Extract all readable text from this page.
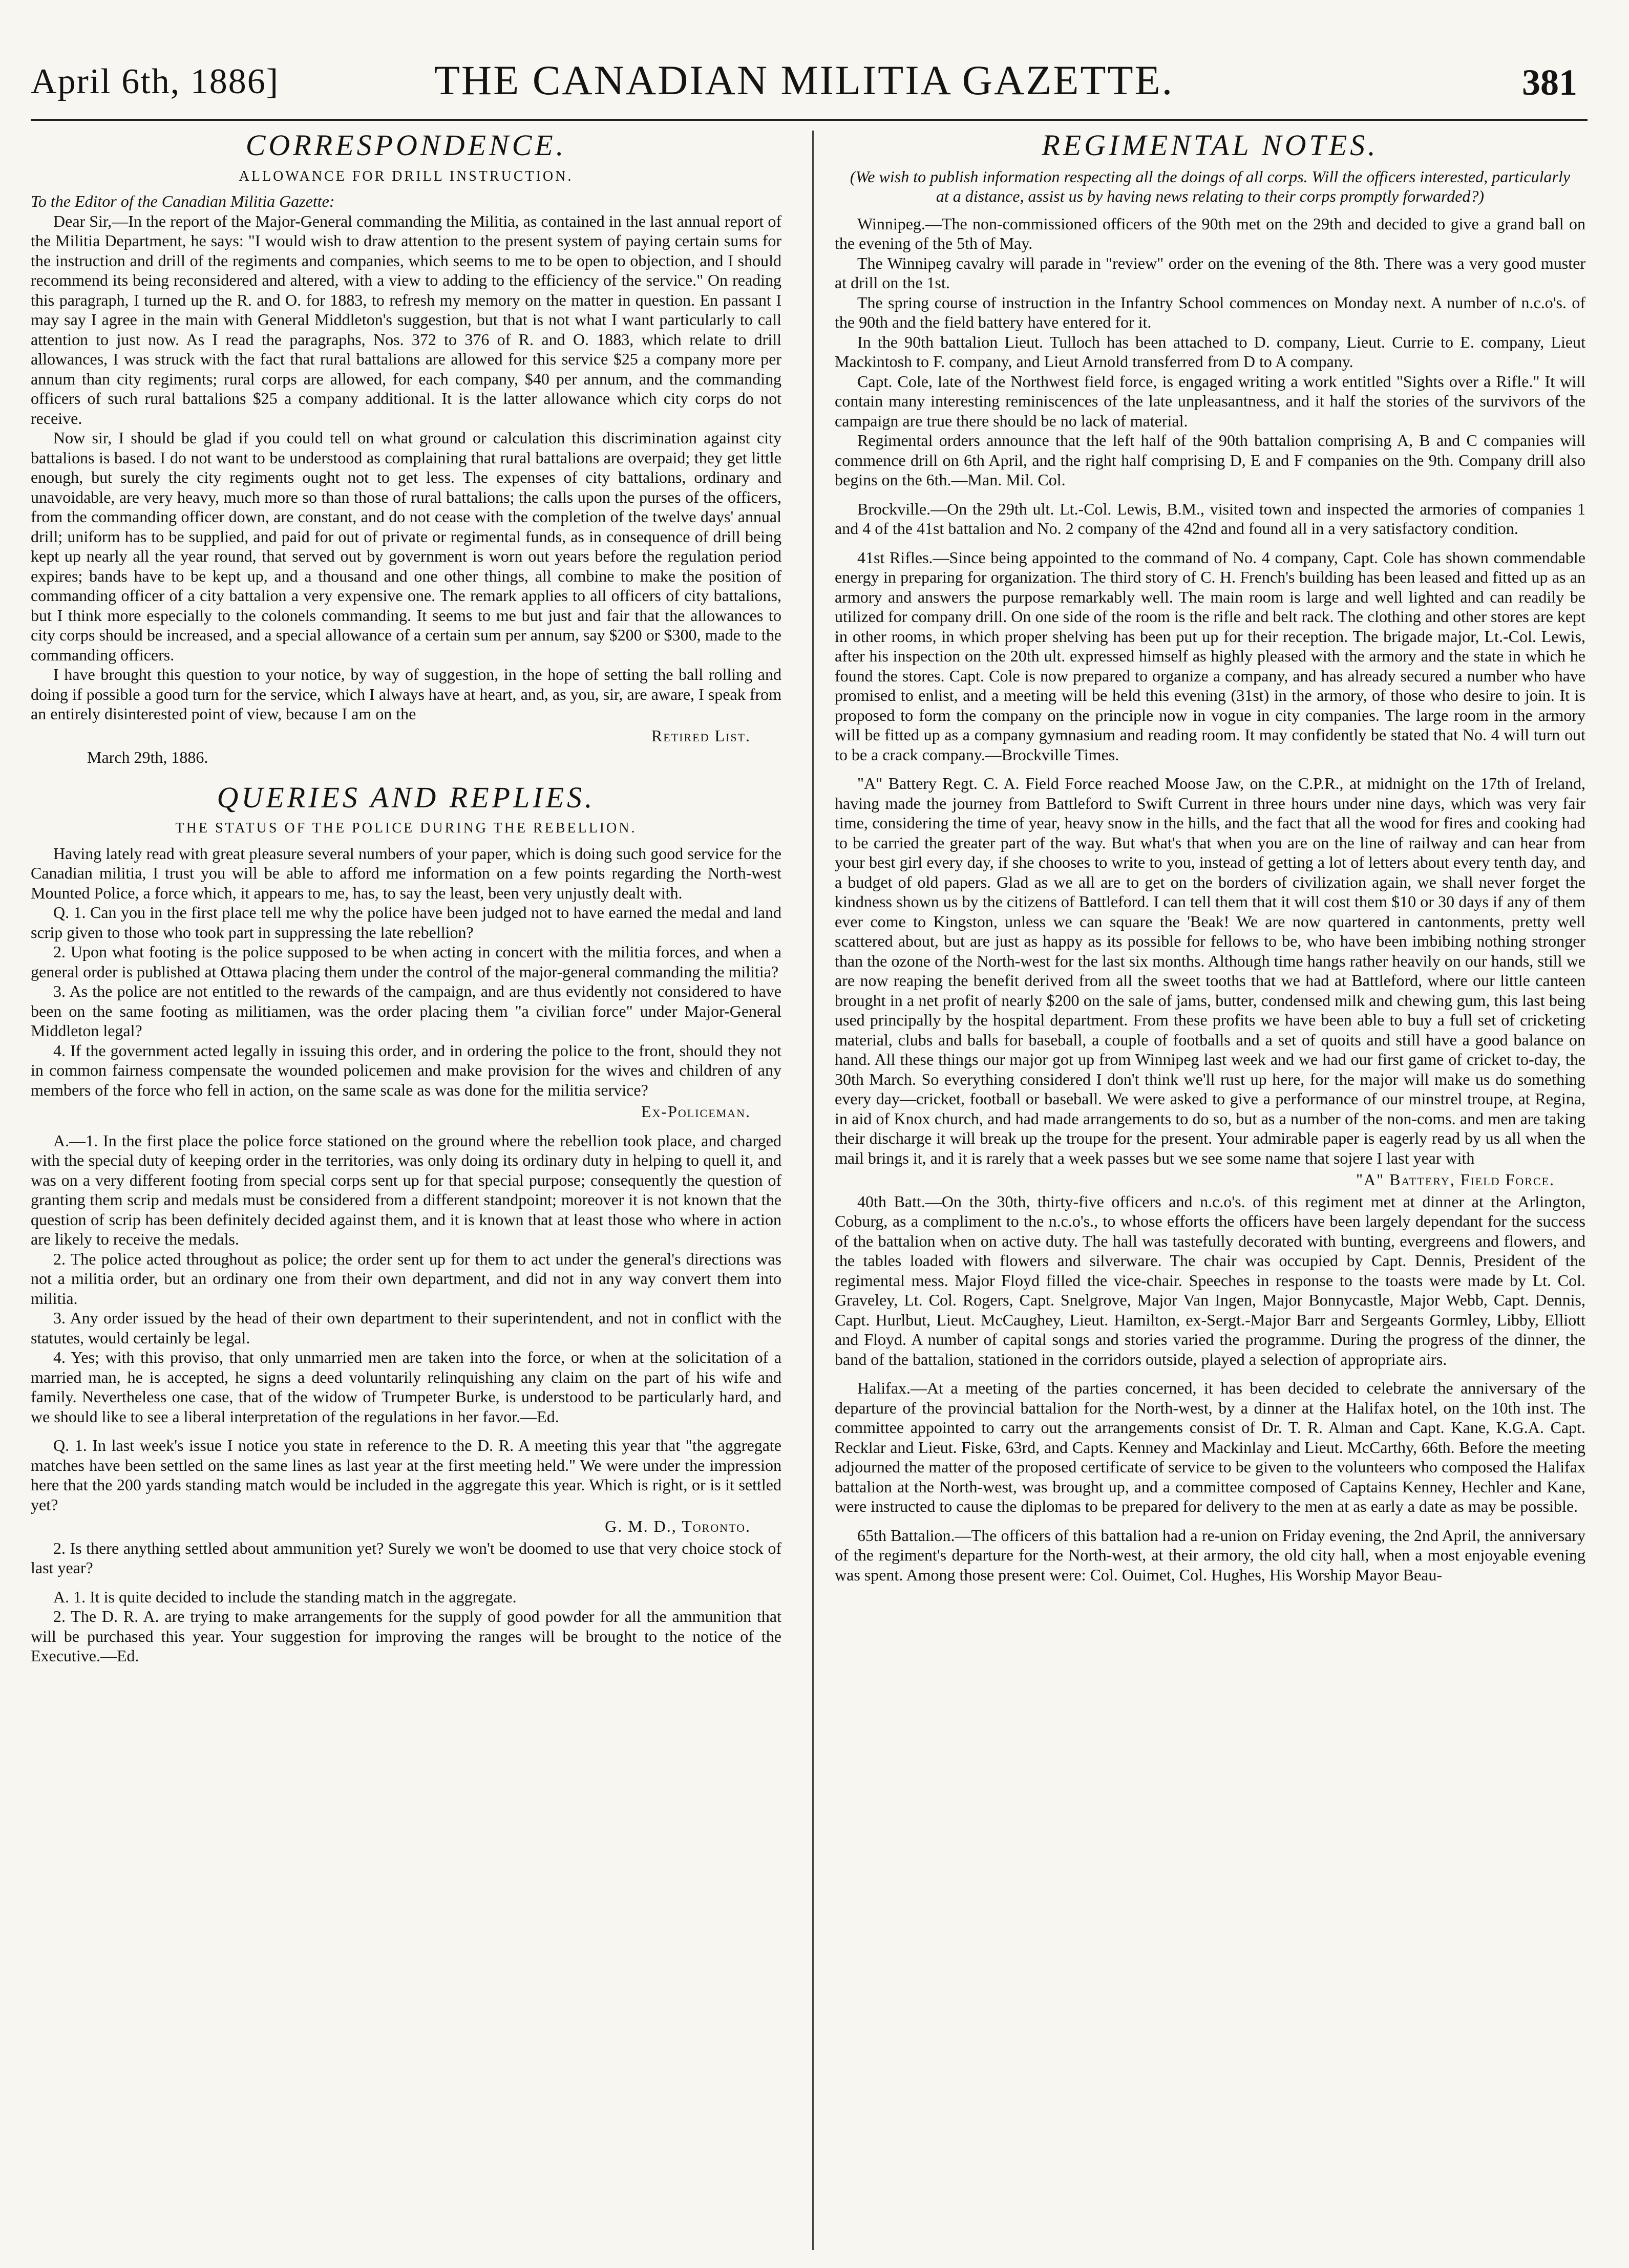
April 6th, 1886]	THE CANADIAN MILITIA GAZETTE.	381
CORRESPONDENCE.
ALLOWANCE FOR DRILL INSTRUCTION.

To the Editor of the Canadian Militia Gazette:

Dear Sir,—In the report of the Major-General commanding the Militia, as contained in the last annual report of the Militia Department, he says: "I would wish to draw attention to the present system of paying certain sums for the instruction and drill of the regiments and companies, which seems to me to be open to objection, and I should recommend its being reconsidered and altered, with a view to adding to the efficiency of the service." On reading this paragraph, I turned up the R. and O. for 1883, to refresh my memory on the matter in question. En passant I may say I agree in the main with General Middleton's suggestion, but that is not what I want particularly to call attention to just now. As I read the paragraphs, Nos. 372 to 376 of R. and O. 1883, which relate to drill allowances, I was struck with the fact that rural battalions are allowed for this service $25 a company more per annum than city regiments; rural corps are allowed, for each company, $40 per annum, and the commanding officers of such rural battalions $25 a company additional. It is the latter allowance which city corps do not receive.

Now sir, I should be glad if you could tell on what ground or calculation this discrimination against city battalions is based. I do not want to be understood as complaining that rural battalions are overpaid; they get little enough, but surely the city regiments ought not to get less. The expenses of city battalions, ordinary and unavoidable, are very heavy, much more so than those of rural battalions; the calls upon the purses of the officers, from the commanding officer down, are constant, and do not cease with the completion of the twelve days' annual drill; uniform has to be supplied, and paid for out of private or regimental funds, as in consequence of drill being kept up nearly all the year round, that served out by government is worn out years before the regulation period expires; bands have to be kept up, and a thousand and one other things, all combine to make the position of commanding officer of a city battalion a very expensive one. The remark applies to all officers of city battalions, but I think more especially to the colonels commanding. It seems to me but just and fair that the allowances to city corps should be increased, and a special allowance of a certain sum per annum, say $200 or $300, made to the commanding officers.

I have brought this question to your notice, by way of suggestion, in the hope of setting the ball rolling and doing if possible a good turn for the service, which I always have at heart, and, as you, sir, are aware, I speak from an entirely disinterested point of view, because I am on the

Retired List.

March 29th, 1886.

QUERIES AND REPLIES.
THE STATUS OF THE POLICE DURING THE REBELLION.

Having lately read with great pleasure several numbers of your paper, which is doing such good service for the Canadian militia, I trust you will be able to afford me information on a few points regarding the North-west Mounted Police, a force which, it appears to me, has, to say the least, been very unjustly dealt with.

Q. 1. Can you in the first place tell me why the police have been judged not to have earned the medal and land scrip given to those who took part in suppressing the late rebellion?

2. Upon what footing is the police supposed to be when acting in concert with the militia forces, and when a general order is published at Ottawa placing them under the control of the major-general commanding the militia?

3. As the police are not entitled to the rewards of the campaign, and are thus evidently not considered to have been on the same footing as militiamen, was the order placing them "a civilian force" under Major-General Middleton legal?

4. If the government acted legally in issuing this order, and in ordering the police to the front, should they not in common fairness compensate the wounded policemen and make provision for the wives and children of any members of the force who fell in action, on the same scale as was done for the militia service?

Ex-Policeman.

A.—1. In the first place the police force stationed on the ground where the rebellion took place, and charged with the special duty of keeping order in the territories, was only doing its ordinary duty in helping to quell it, and was on a very different footing from special corps sent up for that special purpose; consequently the question of granting them scrip and medals must be considered from a different standpoint; moreover it is not known that the question of scrip has been definitely decided against them, and it is known that at least those who where in action are likely to receive the medals.

2. The police acted throughout as police; the order sent up for them to act under the general's directions was not a militia order, but an ordinary one from their own department, and did not in any way convert them into militia.

3. Any order issued by the head of their own department to their superintendent, and not in conflict with the statutes, would certainly be legal.

4. Yes; with this proviso, that only unmarried men are taken into the force, or when at the solicitation of a married man, he is accepted, he signs a deed voluntarily relinquishing any claim on the part of his wife and family. Nevertheless one case, that of the widow of Trumpeter Burke, is understood to be particularly hard, and we should like to see a liberal interpretation of the regulations in her favor.—Ed.

Q. 1. In last week's issue I notice you state in reference to the D. R. A meeting this year that "the aggregate matches have been settled on the same lines as last year at the first meeting held." We were under the impression here that the 200 yards standing match would be included in the aggregate this year. Which is right, or is it settled yet?

G. M. D., Toronto.

2. Is there anything settled about ammunition yet? Surely we won't be doomed to use that very choice stock of last year?

A. 1. It is quite decided to include the standing match in the aggregate.

2. The D. R. A. are trying to make arrangements for the supply of good powder for all the ammunition that will be purchased this year. Your suggestion for improving the ranges will be brought to the notice of the Executive.—Ed.

REGIMENTAL NOTES.
(We wish to publish information respecting all the doings of all corps. Will the officers interested, particularly at a distance, assist us by having news relating to their corps promptly forwarded?)

Winnipeg.—The non-commissioned officers of the 90th met on the 29th and decided to give a grand ball on the evening of the 5th of May.

The Winnipeg cavalry will parade in "review" order on the evening of the 8th. There was a very good muster at drill on the 1st.

The spring course of instruction in the Infantry School commences on Monday next. A number of n.c.o's. of the 90th and the field battery have entered for it.

In the 90th battalion Lieut. Tulloch has been attached to D. company, Lieut. Currie to E. company, Lieut Mackintosh to F. company, and Lieut Arnold transferred from D to A company.

Capt. Cole, late of the Northwest field force, is engaged writing a work entitled "Sights over a Rifle." It will contain many interesting reminiscences of the late unpleasantness, and it half the stories of the survivors of the campaign are true there should be no lack of material.

Regimental orders announce that the left half of the 90th battalion comprising A, B and C companies will commence drill on 6th April, and the right half comprising D, E and F companies on the 9th. Company drill also begins on the 6th.—Man. Mil. Col.

Brockville.—On the 29th ult. Lt.-Col. Lewis, B.M., visited town and inspected the armories of companies 1 and 4 of the 41st battalion and No. 2 company of the 42nd and found all in a very satisfactory condition.

41st Rifles.—Since being appointed to the command of No. 4 company, Capt. Cole has shown commendable energy in preparing for organization. The third story of C. H. French's building has been leased and fitted up as an armory and answers the purpose remarkably well. The main room is large and well lighted and can readily be utilized for company drill. On one side of the room is the rifle and belt rack. The clothing and other stores are kept in other rooms, in which proper shelving has been put up for their reception. The brigade major, Lt.-Col. Lewis, after his inspection on the 20th ult. expressed himself as highly pleased with the armory and the state in which he found the stores. Capt. Cole is now prepared to organize a company, and has already secured a number who have promised to enlist, and a meeting will be held this evening (31st) in the armory, of those who desire to join. It is proposed to form the company on the principle now in vogue in city companies. The large room in the armory will be fitted up as a company gymnasium and reading room. It may confidently be stated that No. 4 will turn out to be a crack company.—Brockville Times.

"A" Battery Regt. C. A. Field Force reached Moose Jaw, on the C.P.R., at midnight on the 17th of Ireland, having made the journey from Battleford to Swift Current in three hours under nine days, which was very fair time, considering the time of year, heavy snow in the hills, and the fact that all the wood for fires and cooking had to be carried the greater part of the way. But what's that when you are on the line of railway and can hear from your best girl every day, if she chooses to write to you, instead of getting a lot of letters about every tenth day, and a budget of old papers. Glad as we all are to get on the borders of civilization again, we shall never forget the kindness shown us by the citizens of Battleford. I can tell them that it will cost them $10 or 30 days if any of them ever come to Kingston, unless we can square the 'Beak! We are now quartered in cantonments, pretty well scattered about, but are just as happy as its possible for fellows to be, who have been imbibing nothing stronger than the ozone of the North-west for the last six months. Although time hangs rather heavily on our hands, still we are now reaping the benefit derived from all the sweet tooths that we had at Battleford, where our little canteen brought in a net profit of nearly $200 on the sale of jams, butter, condensed milk and chewing gum, this last being used principally by the hospital department. From these profits we have been able to buy a full set of cricketing material, clubs and balls for baseball, a couple of footballs and a set of quoits and still have a good balance on hand. All these things our major got up from Winnipeg last week and we had our first game of cricket to-day, the 30th March. So everything considered I don't think we'll rust up here, for the major will make us do something every day—cricket, football or baseball. We were asked to give a performance of our minstrel troupe, at Regina, in aid of Knox church, and had made arrangements to do so, but as a number of the non-coms. and men are taking their discharge it will break up the troupe for the present. Your admirable paper is eagerly read by us all when the mail brings it, and it is rarely that a week passes but we see some name that sojere I last year with

"A" Battery, Field Force.

40th Batt.—On the 30th, thirty-five officers and n.c.o's. of this regiment met at dinner at the Arlington, Coburg, as a compliment to the n.c.o's., to whose efforts the officers have been largely dependant for the success of the battalion when on active duty. The hall was tastefully decorated with bunting, evergreens and flowers, and the tables loaded with flowers and silverware. The chair was occupied by Capt. Dennis, President of the regimental mess. Major Floyd filled the vice-chair. Speeches in response to the toasts were made by Lt. Col. Graveley, Lt. Col. Rogers, Capt. Snelgrove, Major Van Ingen, Major Bonnycastle, Major Webb, Capt. Dennis, Capt. Hurlbut, Lieut. McCaughey, Lieut. Hamilton, ex-Sergt.-Major Barr and Sergeants Gormley, Libby, Elliott and Floyd. A number of capital songs and stories varied the programme. During the progress of the dinner, the band of the battalion, stationed in the corridors outside, played a selection of appropriate airs.

Halifax.—At a meeting of the parties concerned, it has been decided to celebrate the anniversary of the departure of the provincial battalion for the North-west, by a dinner at the Halifax hotel, on the 10th inst. The committee appointed to carry out the arrangements consist of Dr. T. R. Alman and Capt. Kane, K.G.A. Capt. Recklar and Lieut. Fiske, 63rd, and Capts. Kenney and Mackinlay and Lieut. McCarthy, 66th. Before the meeting adjourned the matter of the proposed certificate of service to be given to the volunteers who composed the Halifax battalion at the North-west, was brought up, and a committee composed of Captains Kenney, Hechler and Kane, were instructed to cause the diplomas to be prepared for delivery to the men at as early a date as may be possible.

65th Battalion.—The officers of this battalion had a re-union on Friday evening, the 2nd April, the anniversary of the regiment's departure for the North-west, at their armory, the old city hall, when a most enjoyable evening was spent. Among those present were: Col. Ouimet, Col. Hughes, His Worship Mayor Beau-
